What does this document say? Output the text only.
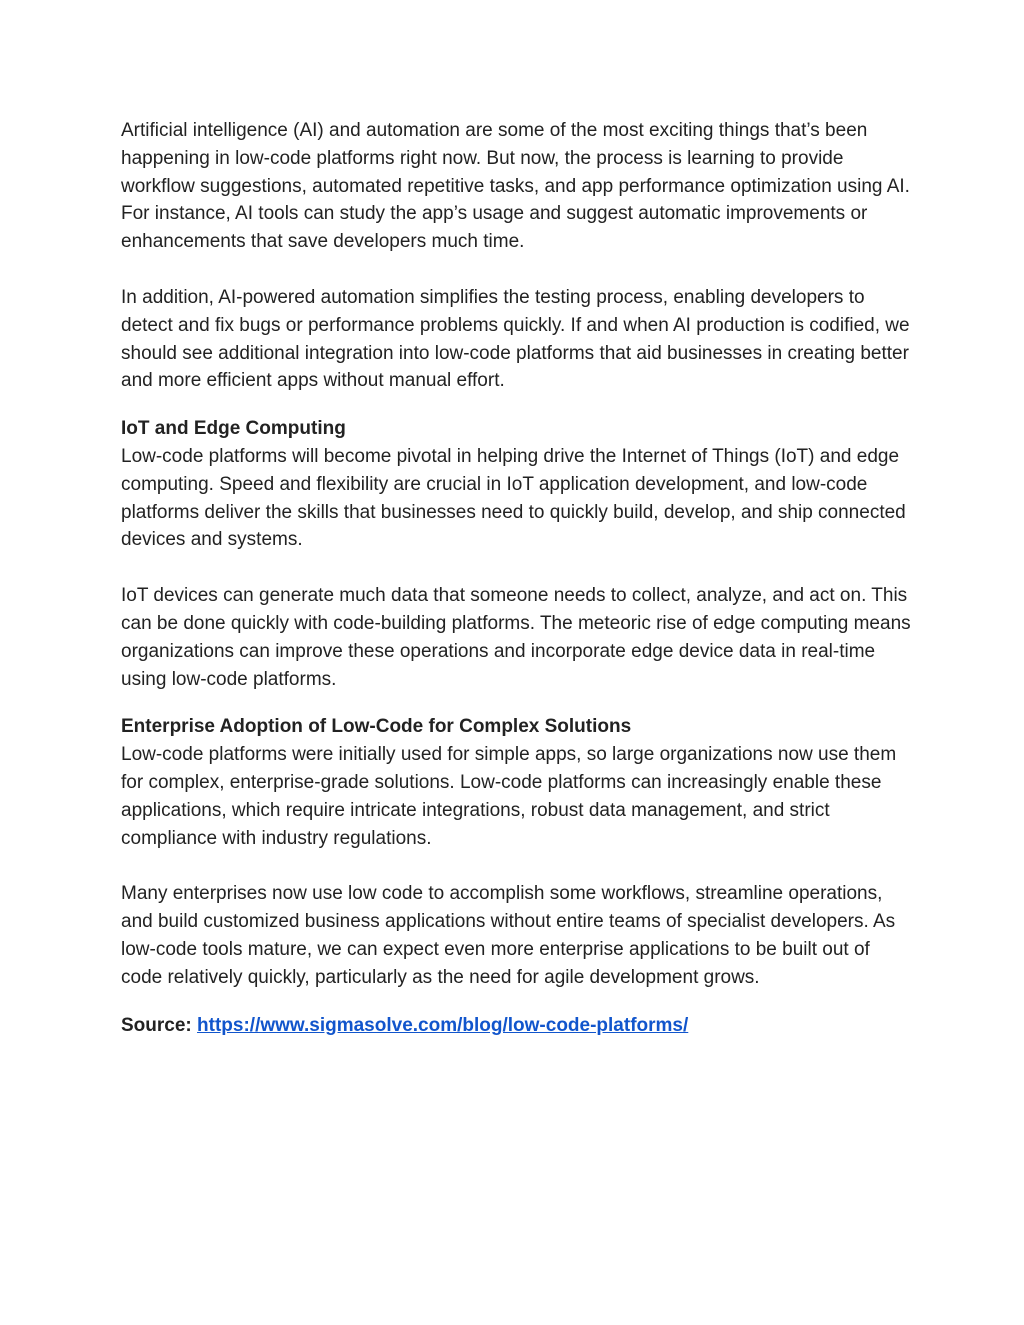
Artificial intelligence (AI) and automation are some of the most exciting things that’s been happening in low-code platforms right now. But now, the process is learning to provide workflow suggestions, automated repetitive tasks, and app performance optimization using AI. For instance, AI tools can study the app’s usage and suggest automatic improvements or enhancements that save developers much time.

In addition, AI-powered automation simplifies the testing process, enabling developers to detect and fix bugs or performance problems quickly. If and when AI production is codified, we should see additional integration into low-code platforms that aid businesses in creating better and more efficient apps without manual effort.

IoT and Edge Computing

Low-code platforms will become pivotal in helping drive the Internet of Things (IoT) and edge computing. Speed and flexibility are crucial in IoT application development, and low-code platforms deliver the skills that businesses need to quickly build, develop, and ship connected devices and systems.

IoT devices can generate much data that someone needs to collect, analyze, and act on. This can be done quickly with code-building platforms. The meteoric rise of edge computing means organizations can improve these operations and incorporate edge device data in real-time using low-code platforms.

Enterprise Adoption of Low-Code for Complex Solutions

Low-code platforms were initially used for simple apps, so large organizations now use them for complex, enterprise-grade solutions. Low-code platforms can increasingly enable these applications, which require intricate integrations, robust data management, and strict compliance with industry regulations.

Many enterprises now use low code to accomplish some workflows, streamline operations, and build customized business applications without entire teams of specialist developers. As low-code tools mature, we can expect even more enterprise applications to be built out of code relatively quickly, particularly as the need for agile development grows.

Source: https://www.sigmasolve.com/blog/low-code-platforms/
